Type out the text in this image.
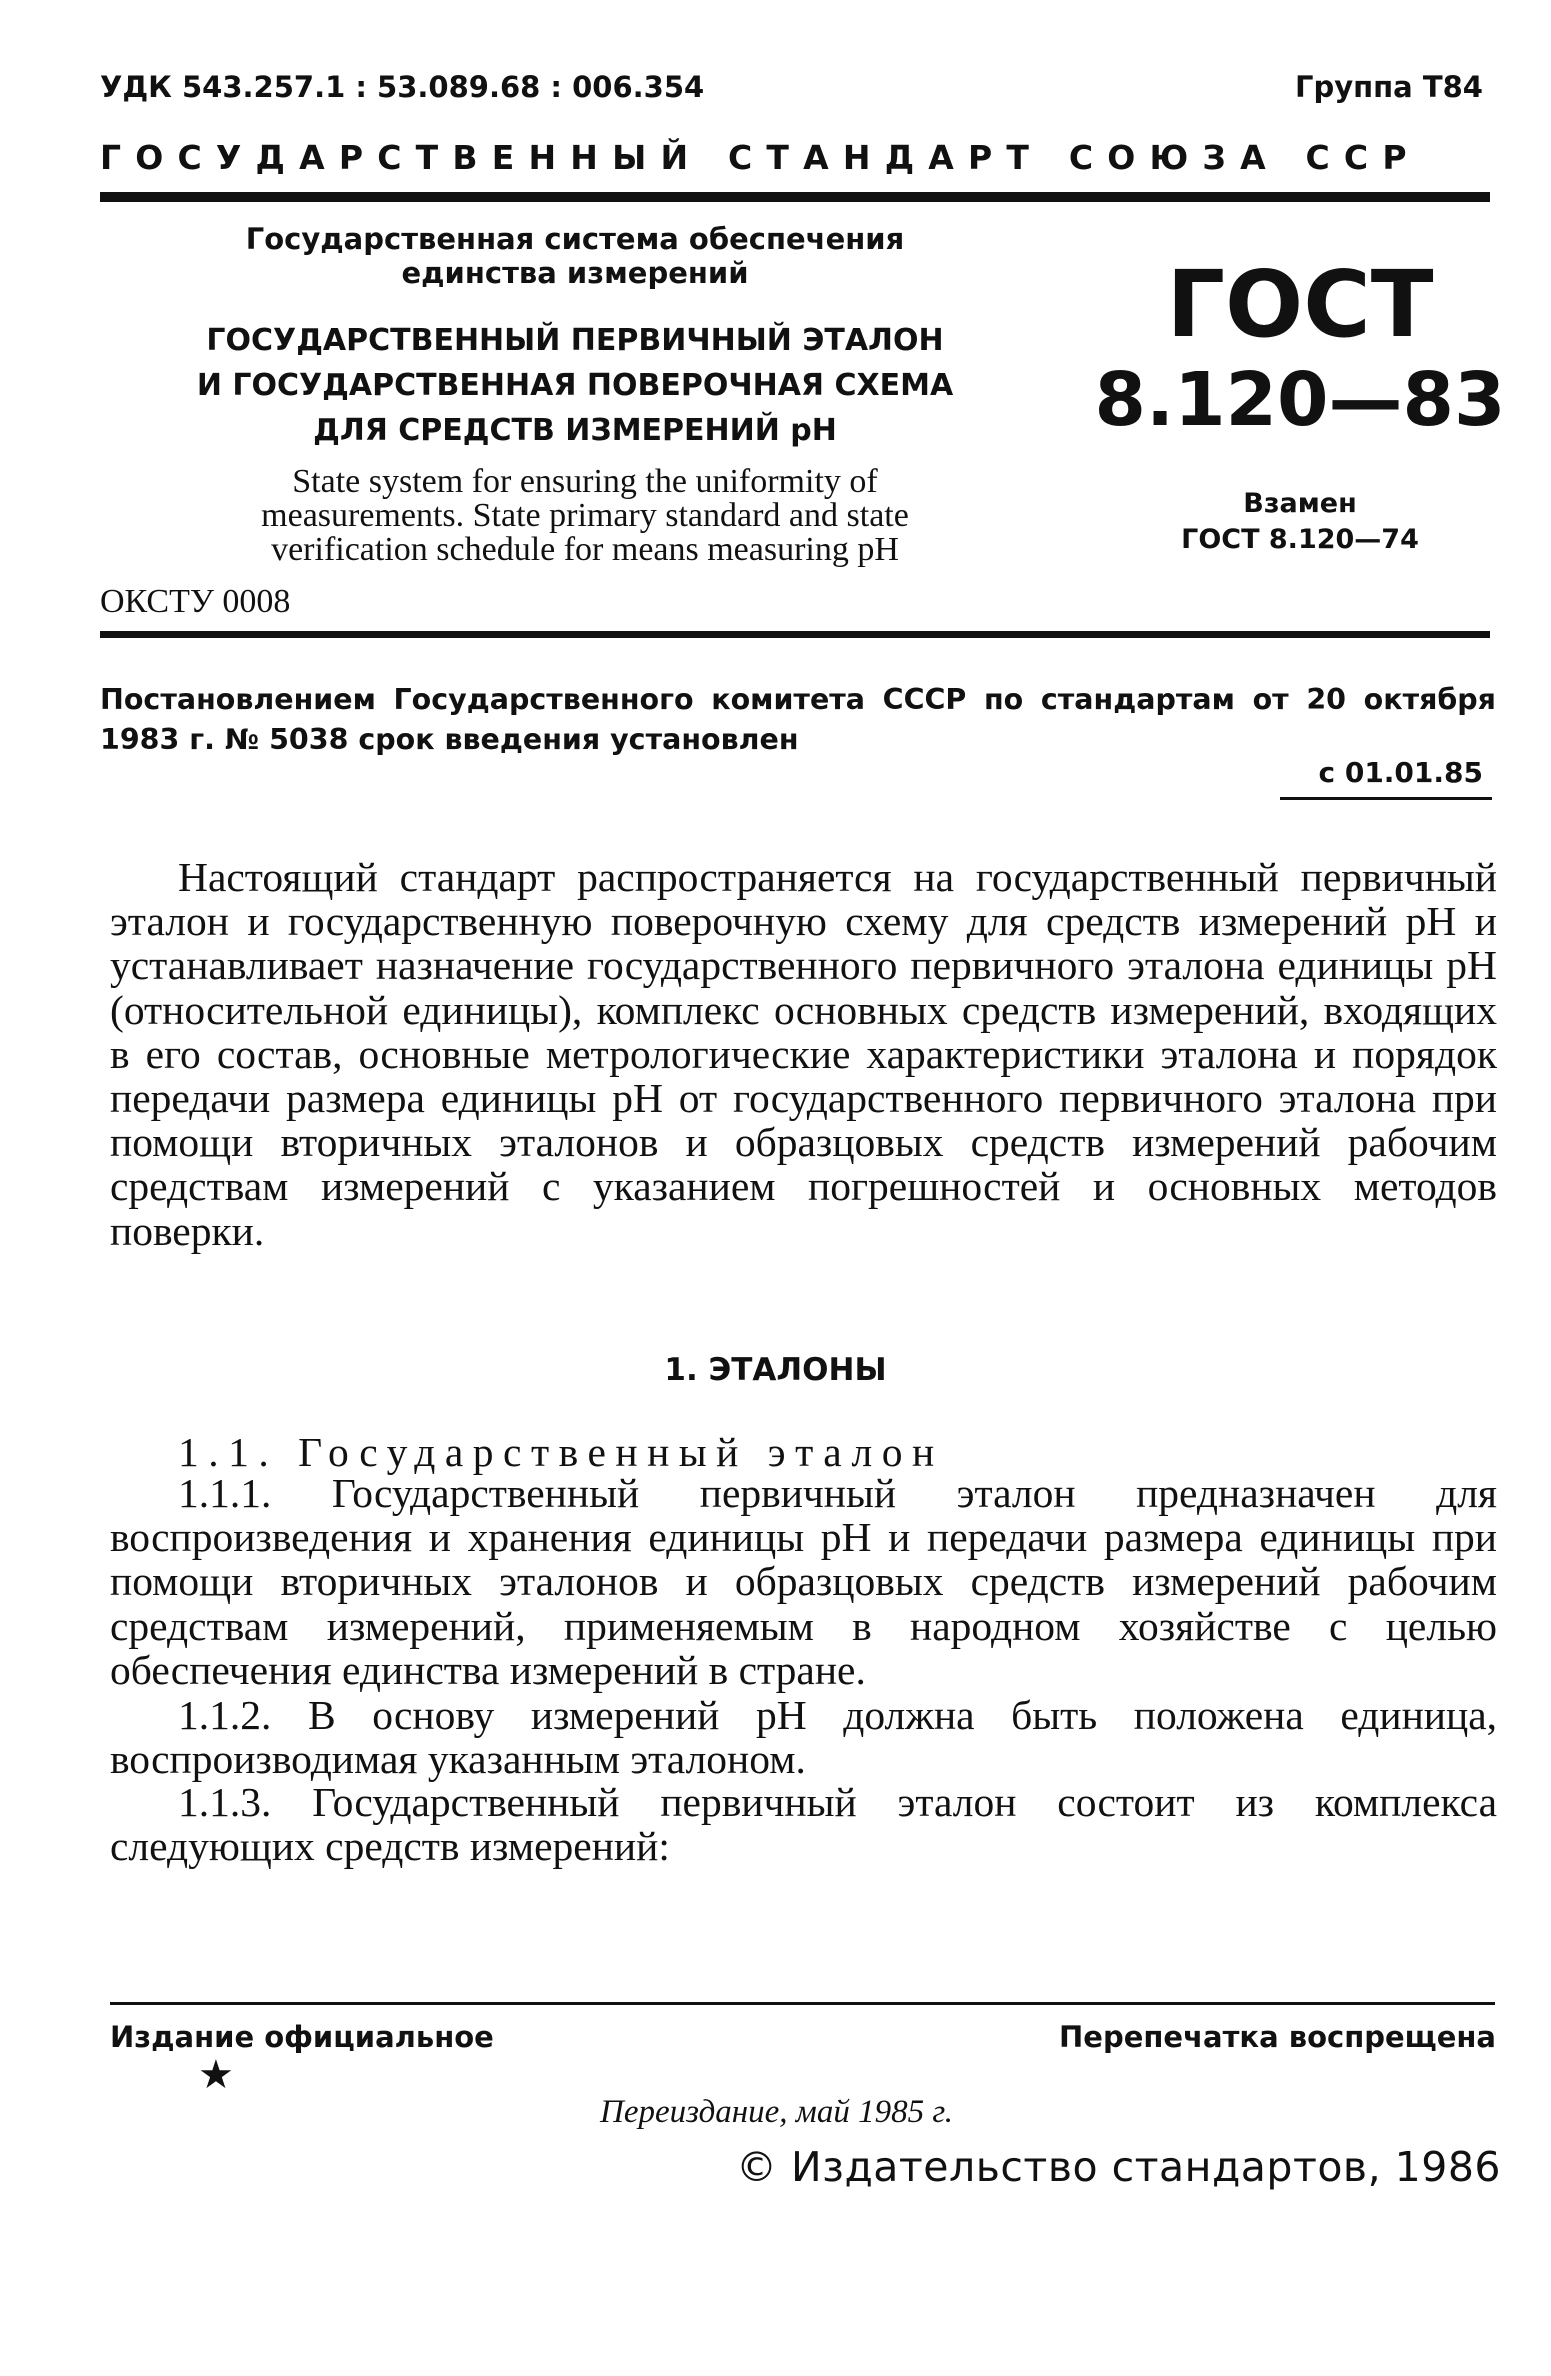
УДК 543.257.1 : 53.089.68 : 006.354	Группа Т84
ГОСУДАРСТВЕННЫЙ СТАНДАРТ СОЮЗА ССР
Государственная система обеспечения
единства измерений
ГОСУДАРСТВЕННЫЙ ПЕРВИЧНЫЙ ЭТАЛОН
И ГОСУДАРСТВЕННАЯ ПОВЕРОЧНАЯ СХЕМА
ДЛЯ СРЕДСТВ ИЗМЕРЕНИЙ pH
ГОСТ
8.120—83
Взамен
ГОСТ 8.120—74
State system for ensuring the uniformity of
measurements. State primary standard and state
verification schedule for means measuring pH
ОКСТУ 0008
Постановлением Государственного комитета СССР по стандартам от 20 октября
1983 г. № 5038 срок введения установлен
с 01.01.85

Настоящий стандарт распространяется на государственный первичный эталон и государственную поверочную схему для средств измерений pH и устанавливает назначение государственного первичного эталона единицы pH (относительной единицы), комплекс основных средств измерений, входящих в его состав, основные метрологические характеристики эталона и порядок передачи размера единицы pH от государственного первичного эталона при помощи вторичных эталонов и образцовых средств измерений рабочим средствам измерений с указанием погрешностей и основных методов поверки.

1. ЭТАЛОНЫ
1.1. Государственный эталон

1.1.1. Государственный первичный эталон предназначен для воспроизведения и хранения единицы pH и передачи размера единицы при помощи вторичных эталонов и образцовых средств измерений рабочим средствам измерений, применяемым в народном хозяйстве с целью обеспечения единства измерений в стране.

1.1.2. В основу измерений pH должна быть положена единица, воспроизводимая указанным эталоном.

1.1.3. Государственный первичный эталон состоит из комплекса следующих средств измерений:

Издание официальное
★
Перепечатка воспрещена
Переиздание, май 1985 г.
© Издательство стандартов, 1986
